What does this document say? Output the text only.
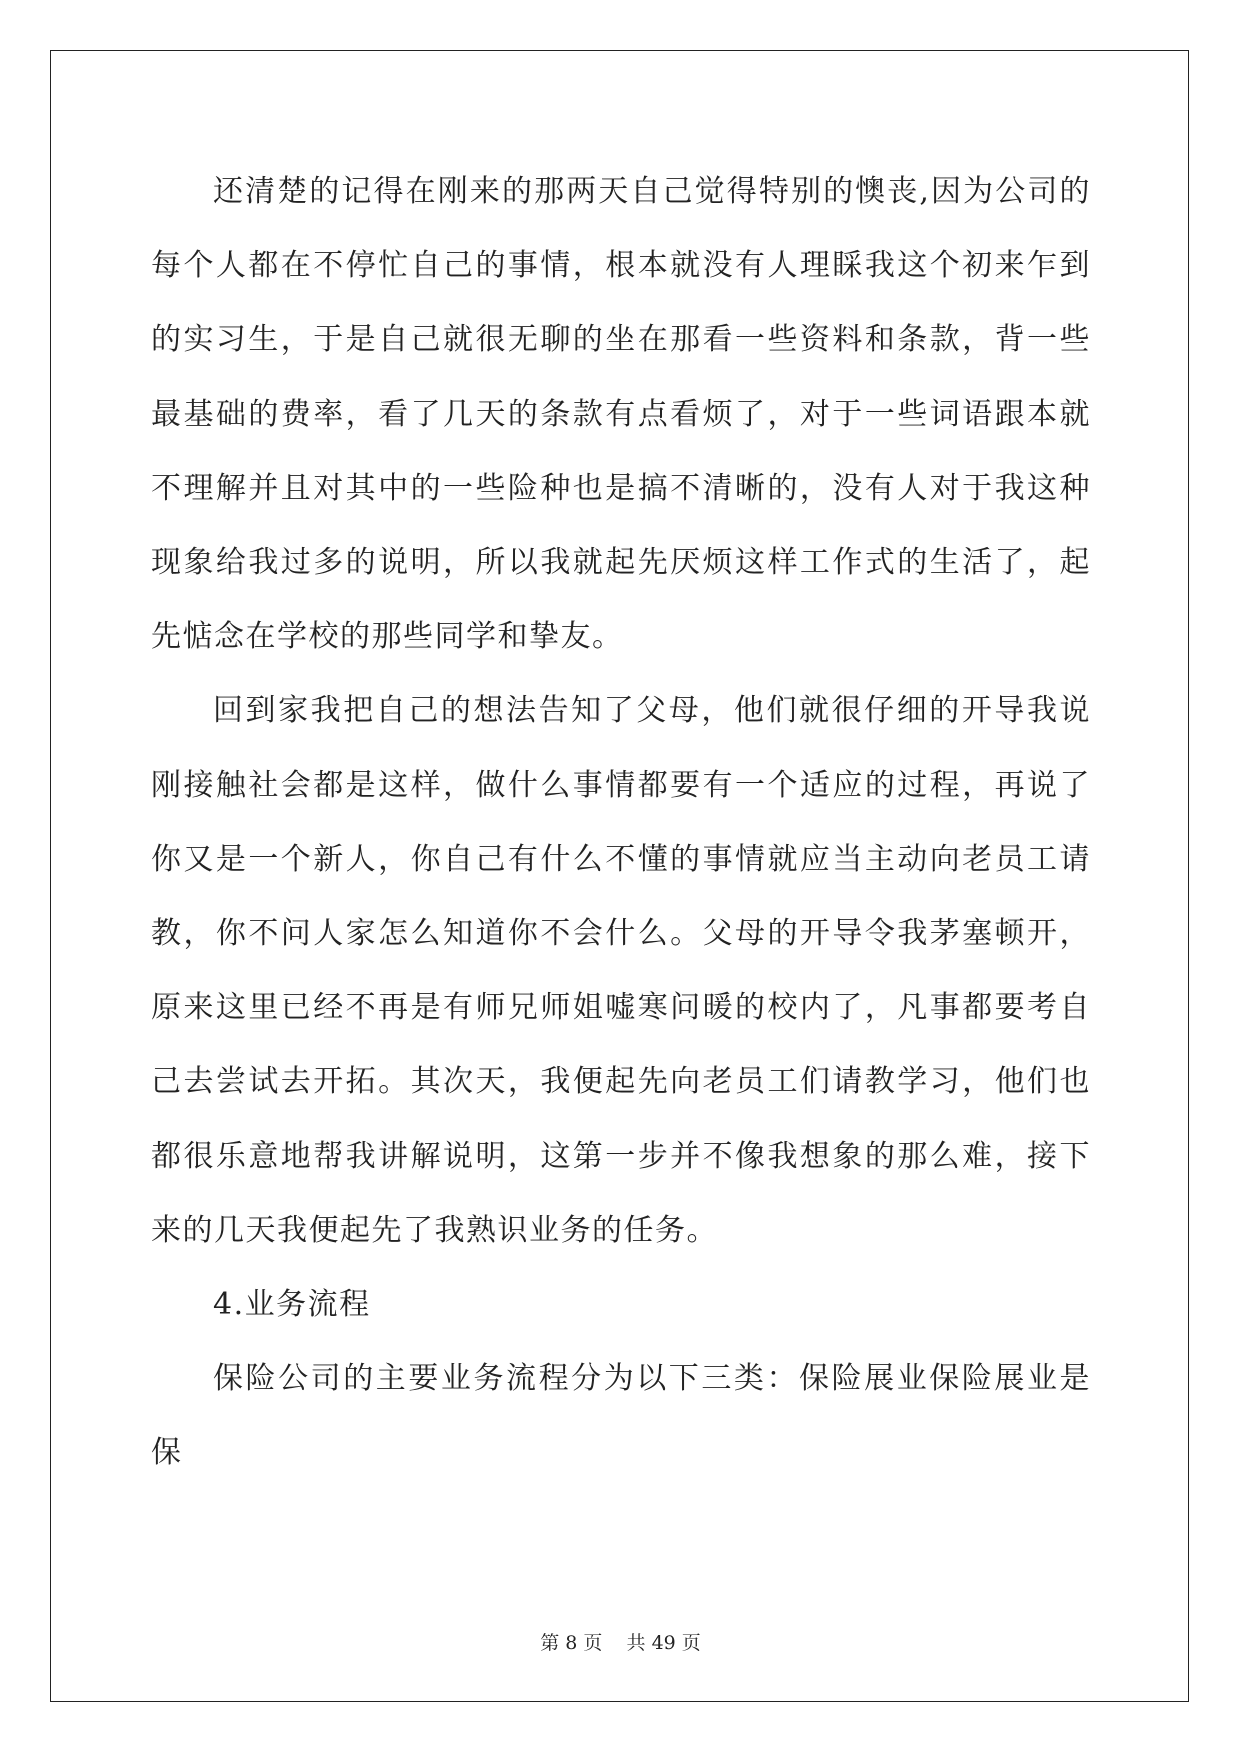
还清楚的记得在刚来的那两天自己觉得特别的懊丧,因为公司的每个人都在不停忙自己的事情，根本就没有人理睬我这个初来乍到的实习生，于是自己就很无聊的坐在那看一些资料和条款，背一些最基础的费率，看了几天的条款有点看烦了，对于一些词语跟本就不理解并且对其中的一些险种也是搞不清晰的，没有人对于我这种现象给我过多的说明，所以我就起先厌烦这样工作式的生活了，起先惦念在学校的那些同学和挚友。

回到家我把自己的想法告知了父母，他们就很仔细的开导我说刚接触社会都是这样，做什么事情都要有一个适应的过程，再说了你又是一个新人，你自己有什么不懂的事情就应当主动向老员工请教，你不问人家怎么知道你不会什么。父母的开导令我茅塞顿开，原来这里已经不再是有师兄师姐嘘寒问暖的校内了，凡事都要考自己去尝试去开拓。其次天，我便起先向老员工们请教学习，他们也都很乐意地帮我讲解说明，这第一步并不像我想象的那么难，接下来的几天我便起先了我熟识业务的任务。

4.业务流程

保险公司的主要业务流程分为以下三类：保险展业保险展业是保

第 8 页 共 49 页
